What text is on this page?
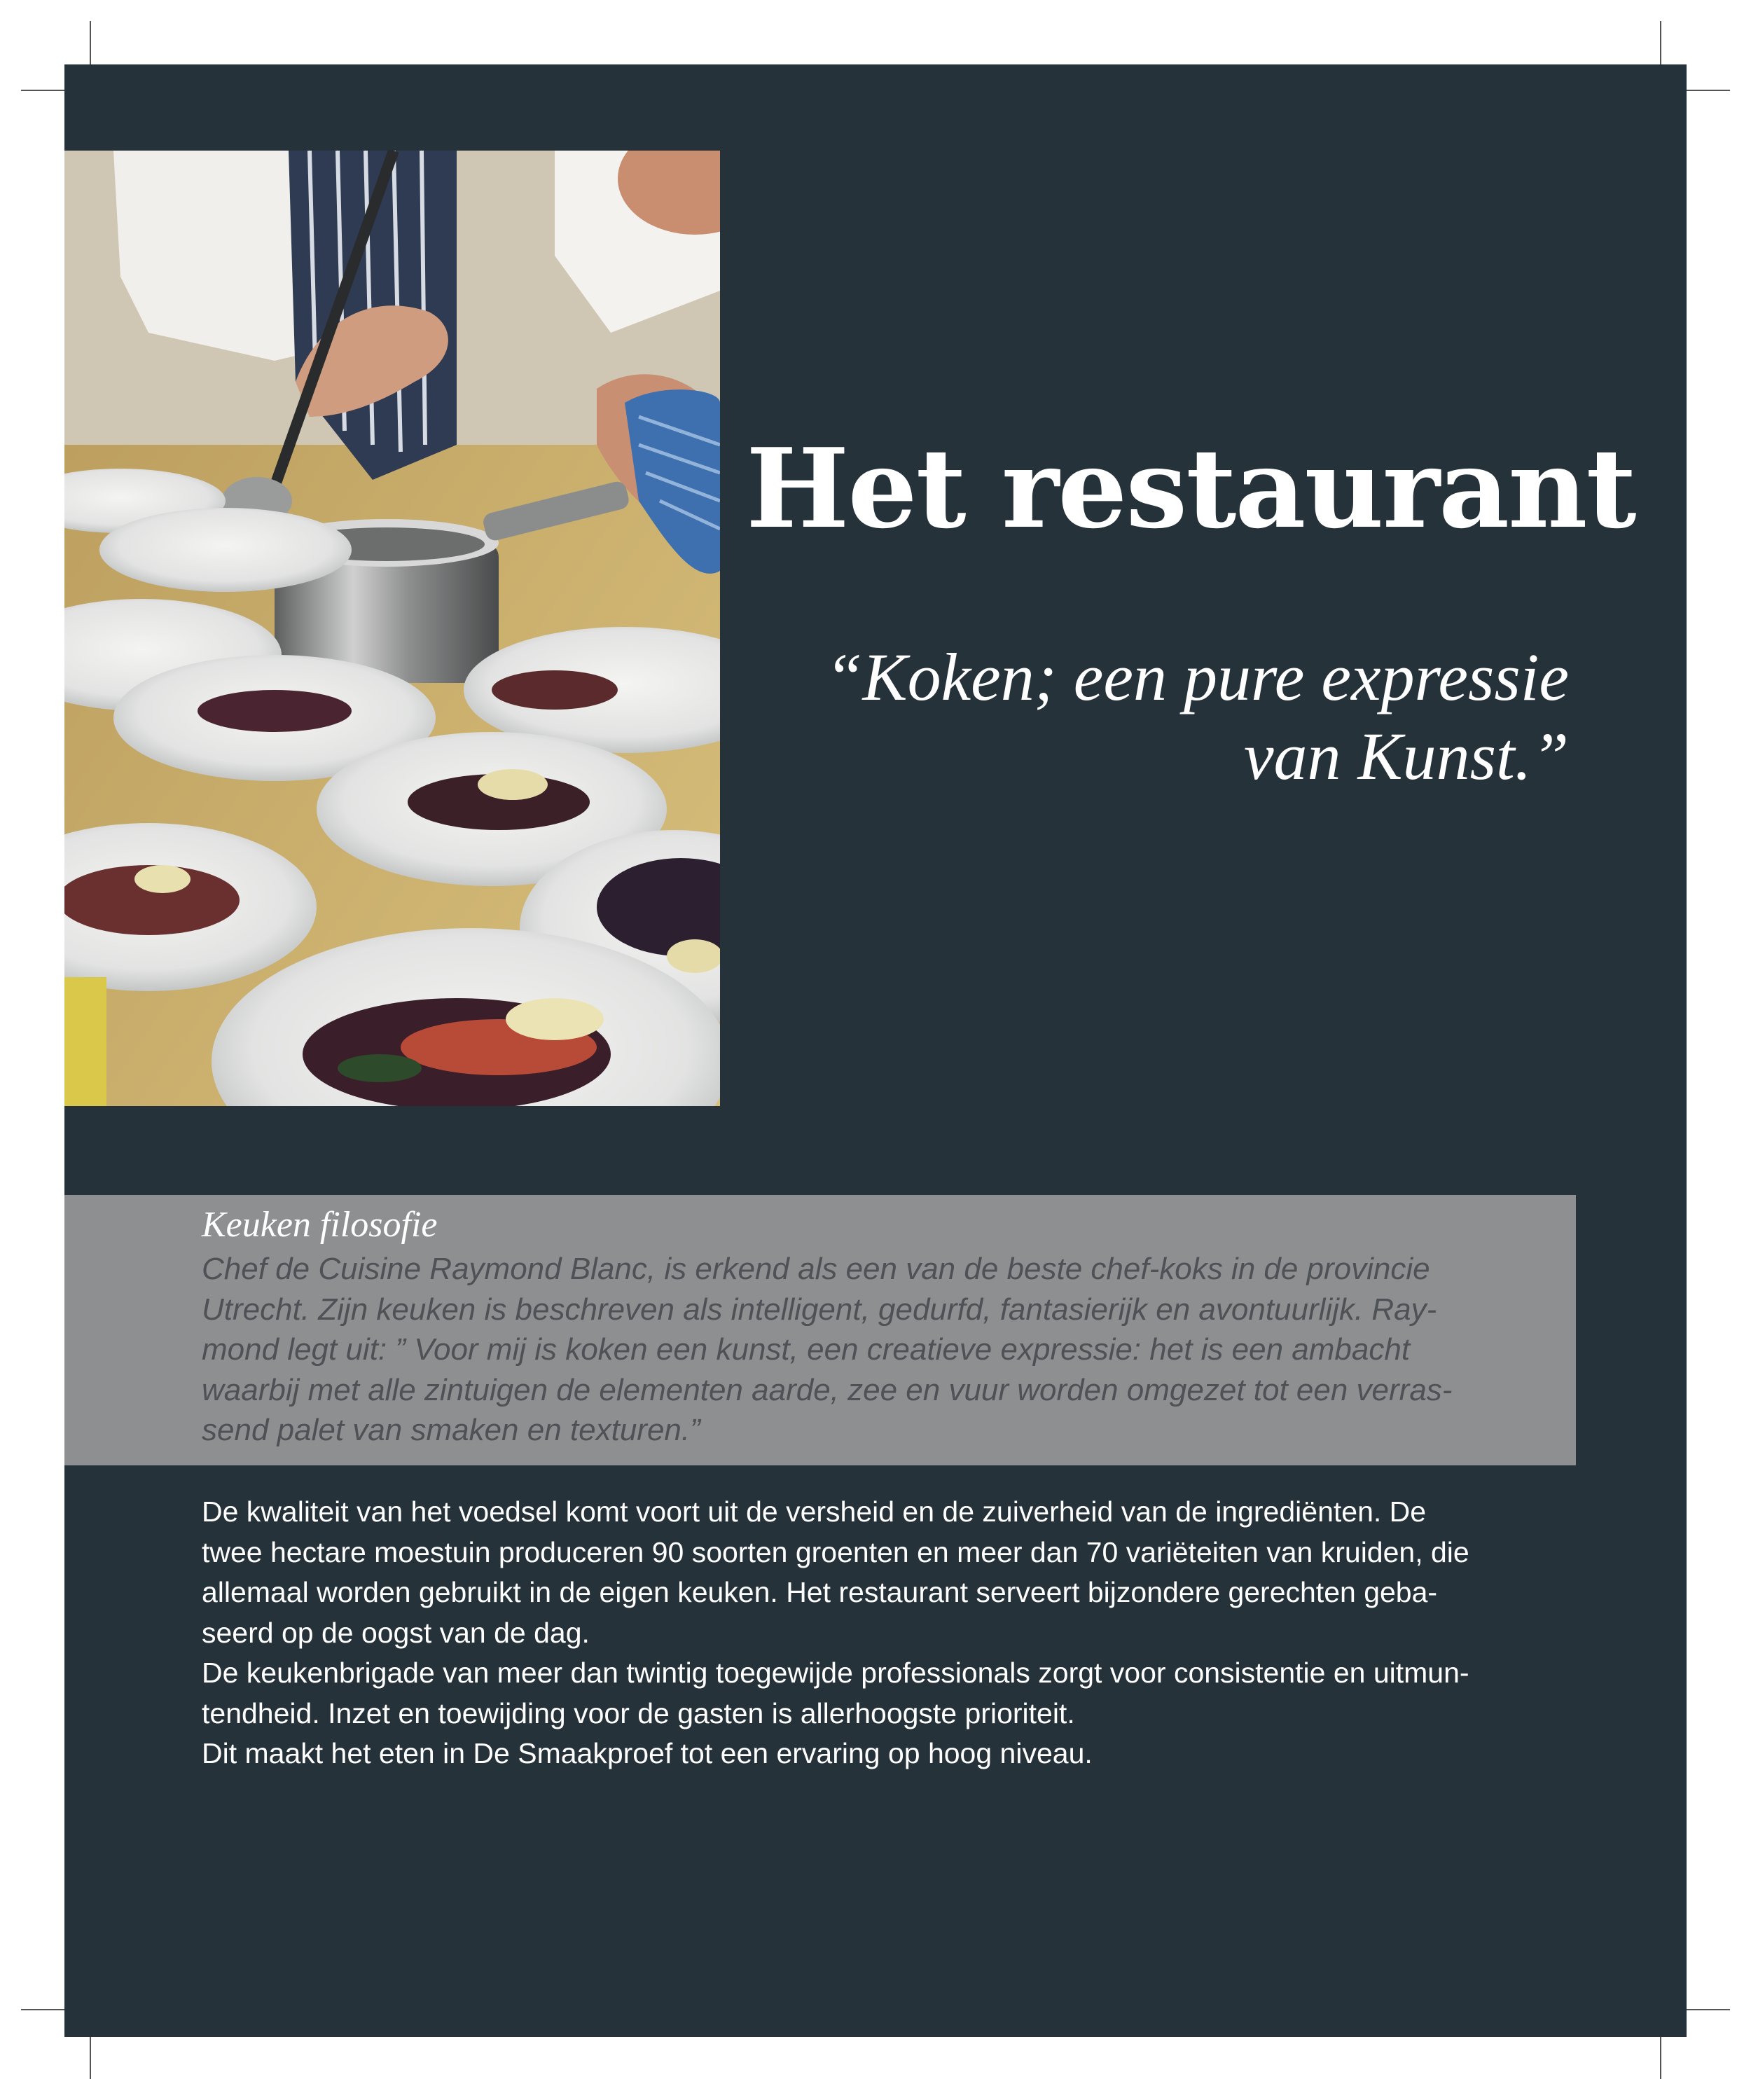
Het restaurant
“Koken; een pure expressie
van Kunst.”
Keuken filosofie
Chef de Cuisine Raymond Blanc, is erkend als een van de beste chef-koks in de provincie
Utrecht. Zijn keuken is beschreven als intelligent, gedurfd, fantasierijk en avontuurlijk. Ray-
mond legt uit: ” Voor mij is koken een kunst, een creatieve expressie: het is een ambacht
waarbij met alle zintuigen de elementen aarde, zee en vuur worden omgezet tot een verras-
send palet van smaken en texturen.”
De kwaliteit van het voedsel komt voort uit de versheid en de zuiverheid van de ingrediënten. De
twee hectare moestuin produceren 90 soorten groenten en meer dan 70 variëteiten van kruiden, die
allemaal worden gebruikt in de eigen keuken. Het restaurant serveert bijzondere gerechten geba-
seerd op de oogst van de dag.
De keukenbrigade van meer dan twintig toegewijde professionals zorgt voor consistentie en uitmun-
tendheid. Inzet en toewijding voor de gasten is allerhoogste prioriteit.
Dit maakt het eten in De Smaakproef tot een ervaring op hoog niveau.
